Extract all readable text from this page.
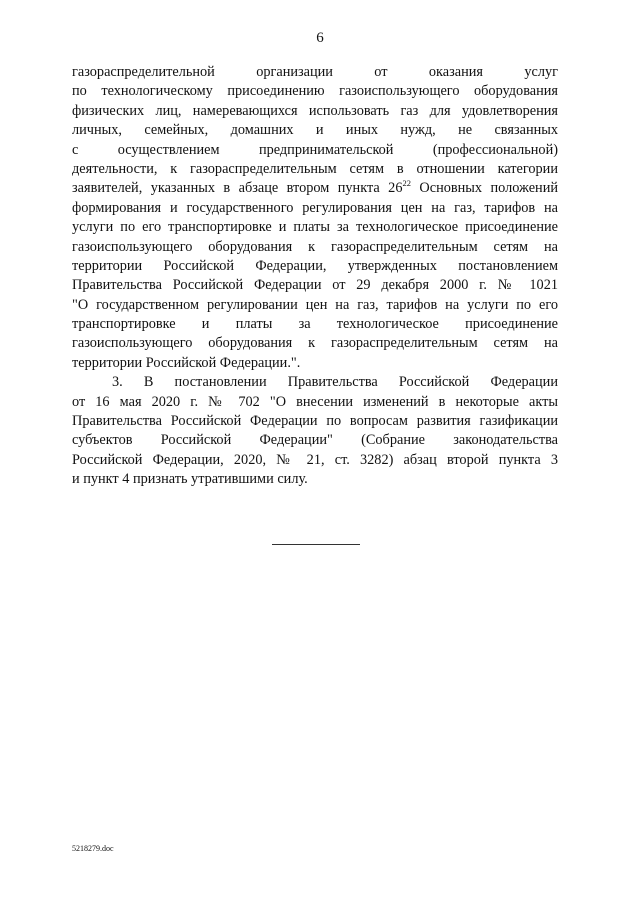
6
газораспределительной организации от оказания услуг
по технологическому присоединению газоиспользующего оборудования
физических лиц, намеревающихся использовать газ для удовлетворения
личных, семейных, домашних и иных нужд, не связанных
с осуществлением предпринимательской (профессиональной)
деятельности, к газораспределительным сетям в отношении категории
заявителей, указанных в абзаце втором пункта 26$^{22}$ Основных положений
формирования и государственного регулирования цен на газ, тарифов на
услуги по его транспортировке и платы за технологическое присоединение
газоиспользующего оборудования к газораспределительным сетям на
территории Российской Федерации, утвержденных постановлением
Правительства Российской Федерации от 29 декабря 2000 г. № 1021
"О государственном регулировании цен на газ, тарифов на услуги по его
транспортировке и платы за технологическое присоединение
газоиспользующего оборудования к газораспределительным сетям на
территории Российской Федерации.".
3. В постановлении Правительства Российской Федерации
от 16 мая 2020 г. № 702 "О внесении изменений в некоторые акты
Правительства Российской Федерации по вопросам развития газификации
субъектов Российской Федерации" (Собрание законодательства
Российской Федерации, 2020, № 21, ст. 3282) абзац второй пункта 3
и пункт 4 признать утратившими силу.
5218279.doc
